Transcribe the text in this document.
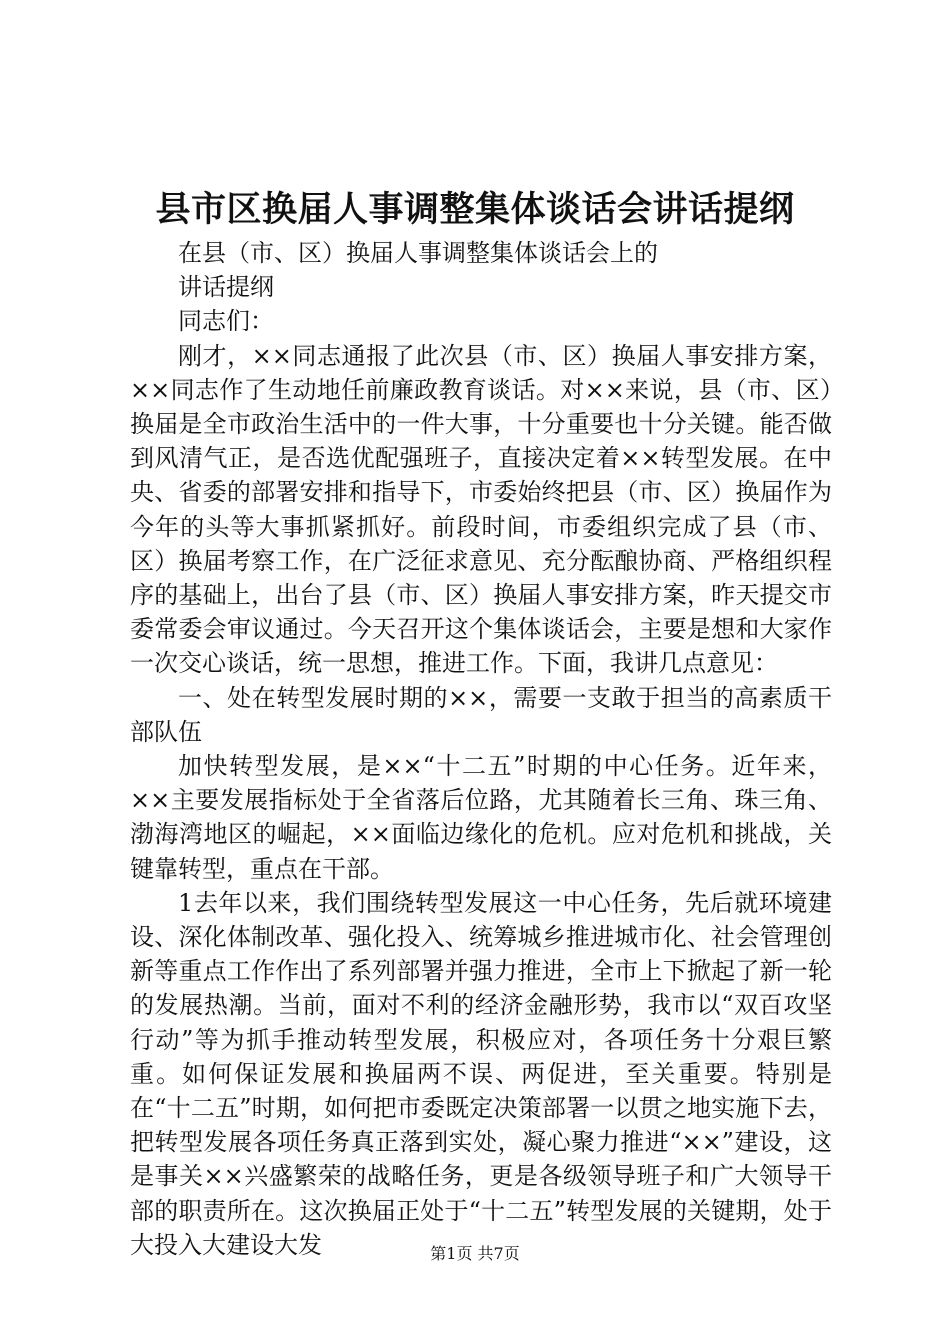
县市区换届人事调整集体谈话会讲话提纲

在县（市、区）换届人事调整集体谈话会上的

讲话提纲

同志们：

刚才，××同志通报了此次县（市、区）换届人事安排方案，××同志作了生动地任前廉政教育谈话。对××来说，县（市、区）换届是全市政治生活中的一件大事，十分重要也十分关键。能否做到风清气正，是否选优配强班子，直接决定着××转型发展。在中央、省委的部署安排和指导下，市委始终把县（市、区）换届作为今年的头等大事抓紧抓好。前段时间，市委组织完成了县（市、区）换届考察工作，在广泛征求意见、充分酝酿协商、严格组织程序的基础上，出台了县（市、区）换届人事安排方案，昨天提交市委常委会审议通过。今天召开这个集体谈话会，主要是想和大家作一次交心谈话，统一思想，推进工作。下面，我讲几点意见：

一、处在转型发展时期的××，需要一支敢于担当的高素质干部队伍

加快转型发展，是××“十二五”时期的中心任务。近年来，××主要发展指标处于全省落后位路，尤其随着长三角、珠三角、渤海湾地区的崛起，××面临边缘化的危机。应对危机和挑战，关键靠转型，重点在干部。

1去年以来，我们围绕转型发展这一中心任务，先后就环境建设、深化体制改革、强化投入、统筹城乡推进城市化、社会管理创新等重点工作作出了系列部署并强力推进，全市上下掀起了新一轮的发展热潮。当前，面对不利的经济金融形势，我市以“双百攻坚行动”等为抓手推动转型发展，积极应对，各项任务十分艰巨繁重。如何保证发展和换届两不误、两促进，至关重要。特别是在“十二五”时期，如何把市委既定决策部署一以贯之地实施下去，把转型发展各项任务真正落到实处，凝心聚力推进“××”建设，这是事关××兴盛繁荣的战略任务，更是各级领导班子和广大领导干部的职责所在。这次换届正处于“十二五”转型发展的关键期，处于大投入大建设大发	第1页 共7页
